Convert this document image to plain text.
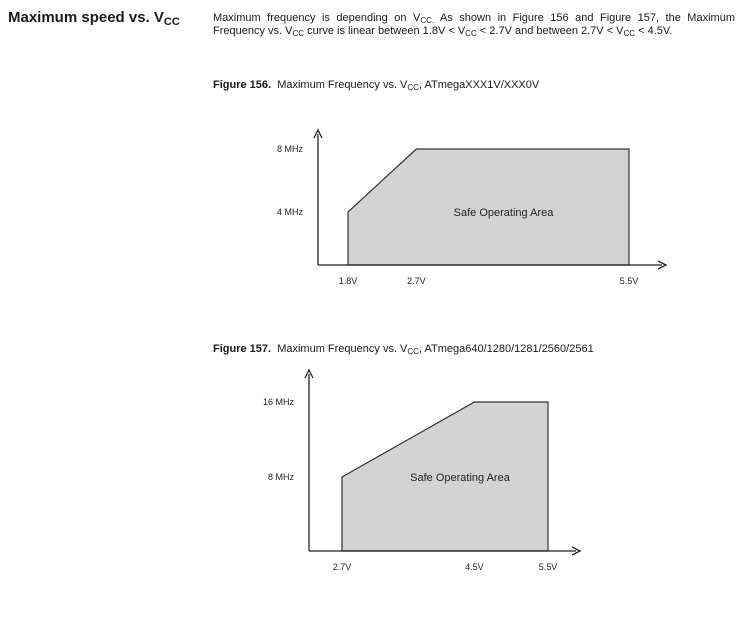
Maximum speed vs. $V_{CC}$	Maximum frequency is depending on $V_{CC.}$ As shown in Figure 156 and Figure 157, the Maximum Frequency vs. $V_{CC}$ curve is linear between $1.8V < V_{CC} < 2.7V$ and between $2.7V < V_{CC} < 4.5V$.
Figure 156.  Maximum Frequency vs. $V_{CC}$, ATmegaXXX1V/XXX0V
1.8V	2.7V	5.5V
4 MHz
8 MHz
Safe Operating Area
Figure 157.  Maximum Frequency vs. $V_{CC}$, ATmega640/1280/1281/2560/2561
2.7V	4.5V	5.5V
8 MHz
16 MHz
Safe Operating Area
